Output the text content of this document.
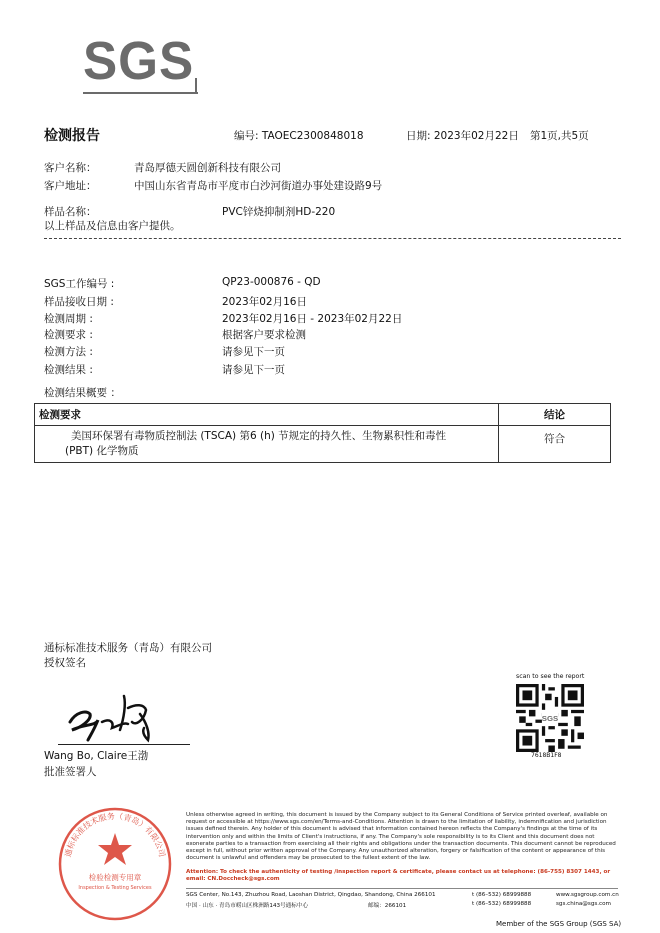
SGS
检测报告	编号: TAOEC2300848018	日期: 2023年02月22日 第1页,共5页
客户名称：	青岛厚德天圆创新科技有限公司
客户地址：	中国山东省青岛市平度市白沙河街道办事处建设路9号
样品名称：	PVC锌烧抑制剂HD-220
以上样品及信息由客户提供。
SGS工作编号 :	QP23-000876 - QD
样品接收日期 :	2023年02月16日
检测周期 :	2023年02月16日 - 2023年02月22日
检测要求 :	根据客户要求检测
检测方法 :	请参见下一页
检测结果 :	请参见下一页
检测结果概要 ：
检测要求	结论

美国环保署有毒物质控制法 (TSCA) 第6 (h) 节规定的持久性、生物累积性和毒性
(PBT) 化学物质	符合
通标标准技术服务（青岛）有限公司
授权签名
Wang Bo, Claire王渤
批准签署人
scan to see the report
SGS
7618B1F8
Unless otherwise agreed in writing, this document is issued by the Company subject to its General Conditions of Service printed overleaf, available on request or accessible at https://www.sgs.com/en/Terms-and-Conditions. Attention is drawn to the limitation of liability, indemnification and jurisdiction issues defined therein. Any holder of this document is advised that information contained hereon reflects the Company's findings at the time of its intervention only and within the limits of Client's instructions, if any. The Company's sole responsibility is to its Client and this document does not exonerate parties to a transaction from exercising all their rights and obligations under the transaction documents. This document cannot be reproduced except in full, without prior written approval of the Company. Any unauthorized alteration, forgery or falsification of the content or appearance of this document is unlawful and offenders may be prosecuted to the fullest extent of the law.
Attention: To check the authenticity of testing /inspection report & certificate, please contact us at telephone: (86-755) 8307 1443, or email: CN.Doccheck@sgs.com
SGS Center, No.143, Zhuzhou Road, Laoshan District, Qingdao, Shandong, China 266101
中国 · 山东 · 青岛市崂山区株洲路143号通标中心	邮编：266101
t (86–532) 68999888
t (86–532) 68999888
www.sgsgroup.com.cn
sgs.china@sgs.com
Member of the SGS Group (SGS SA)
通标标准技术服务（青岛）有限公司
检验检测专用章
Inspection & Testing Services
